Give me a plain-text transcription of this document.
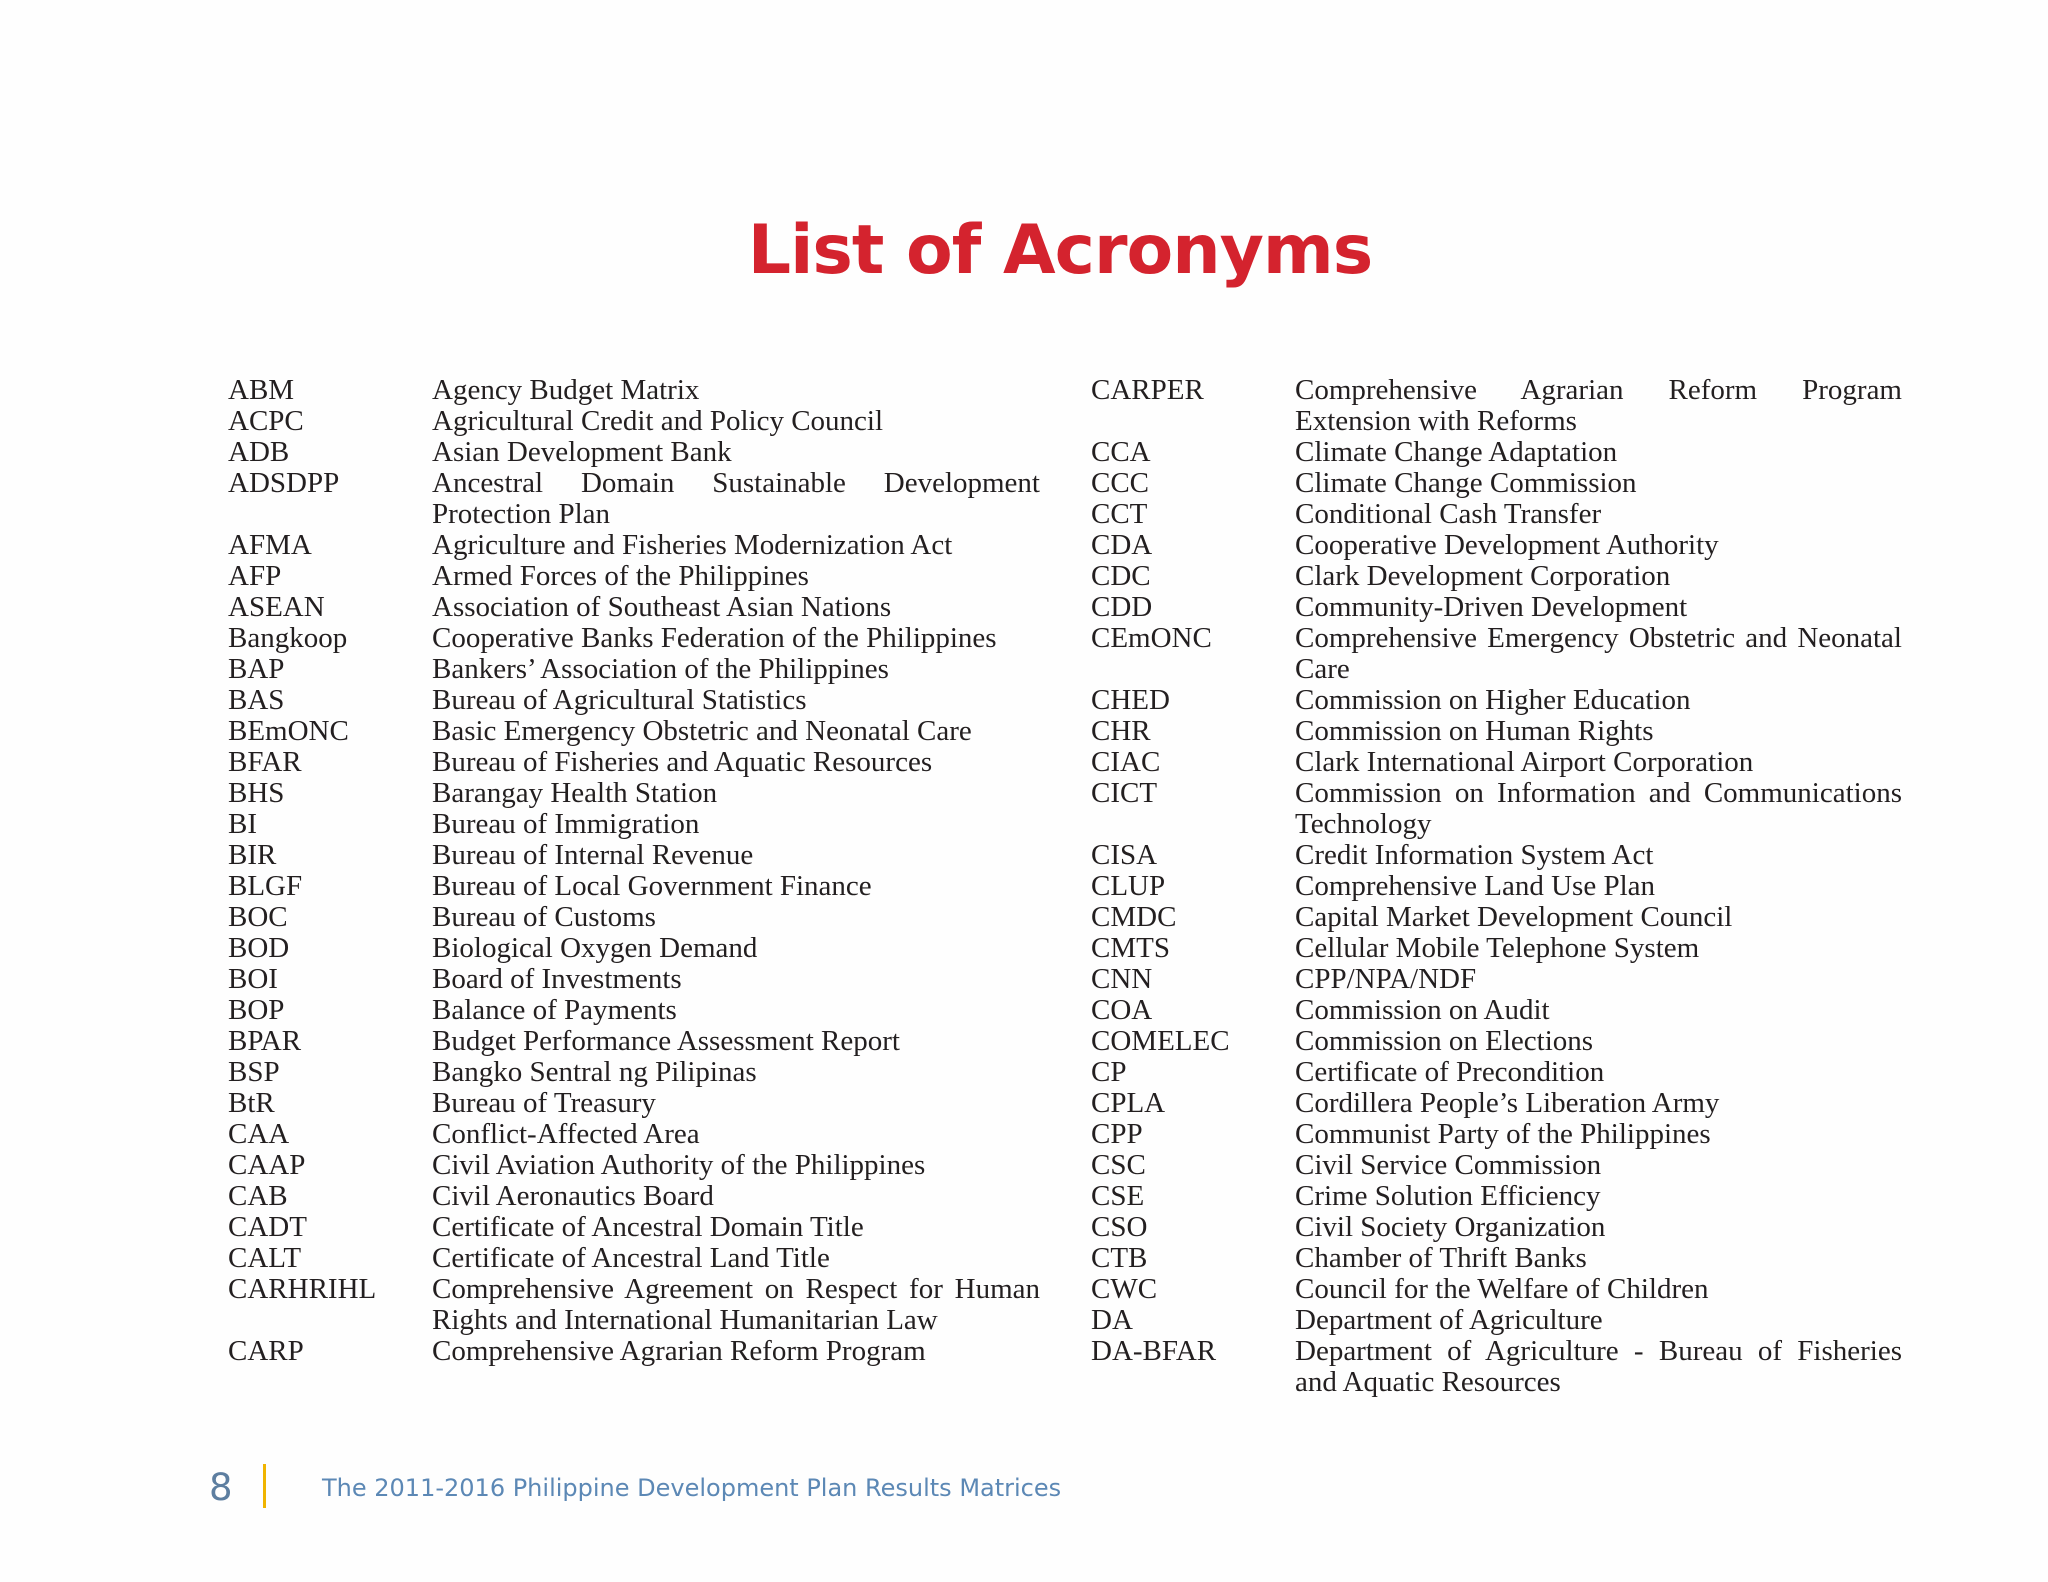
List of Acronyms
ABM	Agency Budget Matrix
ACPC	Agricultural Credit and Policy Council
ADB	Asian Development Bank
ADSDPP	Ancestral Domain Sustainable Development Protection Plan
AFMA	Agriculture and Fisheries Modernization Act
AFP	Armed Forces of the Philippines
ASEAN	Association of Southeast Asian Nations
Bangkoop	Cooperative Banks Federation of the Philippines
BAP	Bankers’ Association of the Philippines
BAS	Bureau of Agricultural Statistics
BEmONC	Basic Emergency Obstetric and Neonatal Care
BFAR	Bureau of Fisheries and Aquatic Resources
BHS	Barangay Health Station
BI	Bureau of Immigration
BIR	Bureau of Internal Revenue
BLGF	Bureau of Local Government Finance
BOC	Bureau of Customs
BOD	Biological Oxygen Demand
BOI	Board of Investments
BOP	Balance of Payments
BPAR	Budget Performance Assessment Report
BSP	Bangko Sentral ng Pilipinas
BtR	Bureau of Treasury
CAA	Conflict-Affected Area
CAAP	Civil Aviation Authority of the Philippines
CAB	Civil Aeronautics Board
CADT	Certificate of Ancestral Domain Title
CALT	Certificate of Ancestral Land Title
CARHRIHL	Comprehensive Agreement on Respect for Human Rights and International Humanitarian Law
CARP	Comprehensive Agrarian Reform Program
CARPER	Comprehensive Agrarian Reform Program Extension with Reforms
CCA	Climate Change Adaptation
CCC	Climate Change Commission
CCT	Conditional Cash Transfer
CDA	Cooperative Development Authority
CDC	Clark Development Corporation
CDD	Community-Driven Development
CEmONC	Comprehensive Emergency Obstetric and Neonatal Care
CHED	Commission on Higher Education
CHR	Commission on Human Rights
CIAC	Clark International Airport Corporation
CICT	Commission on Information and Communications Technology
CISA	Credit Information System Act
CLUP	Comprehensive Land Use Plan
CMDC	Capital Market Development Council
CMTS	Cellular Mobile Telephone System
CNN	CPP/NPA/NDF
COA	Commission on Audit
COMELEC	Commission on Elections
CP	Certificate of Precondition
CPLA	Cordillera People’s Liberation Army
CPP	Communist Party of the Philippines
CSC	Civil Service Commission
CSE	Crime Solution Efficiency
CSO	Civil Society Organization
CTB	Chamber of Thrift Banks
CWC	Council for the Welfare of Children
DA	Department of Agriculture
DA-BFAR	Department of Agriculture - Bureau of Fisheries and Aquatic Resources
8	The 2011-2016 Philippine Development Plan Results Matrices
